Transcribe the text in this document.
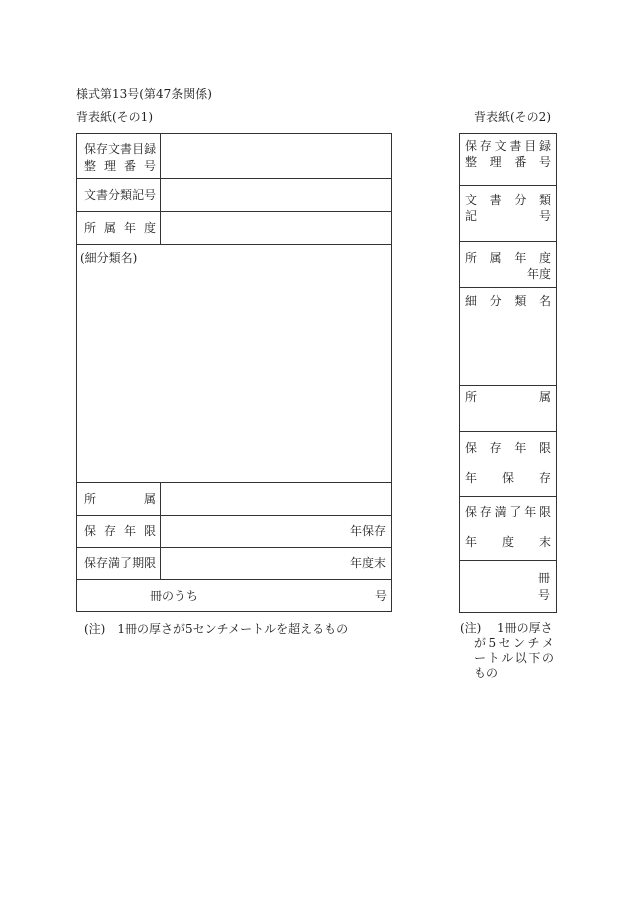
様式第13号(第47条関係)
背表紙(その1)	背表紙(その2)
保 存 文 書 目 録
整 理 番 号
文 書 分 類 記 号
所 属 年 度
(細分類名)
所	属
保 存 年 限	年保存
保 存 満 了 期 限	年度末
冊のうち	号
(注)　1冊の厚さが5センチメートルを超えるもの
保 存 文 書 目 録
整 理 番 号
文 書 分 類
記	号
所 属 年 度
年度
細 分 類 名
所	属
保 存 年 限
年 保 存
保 存 満 了 年 限
年 度 末
冊
号
(注) 1冊の厚さ
が 5 セ ン チ メ
ー ト ル 以 下 の
もの
